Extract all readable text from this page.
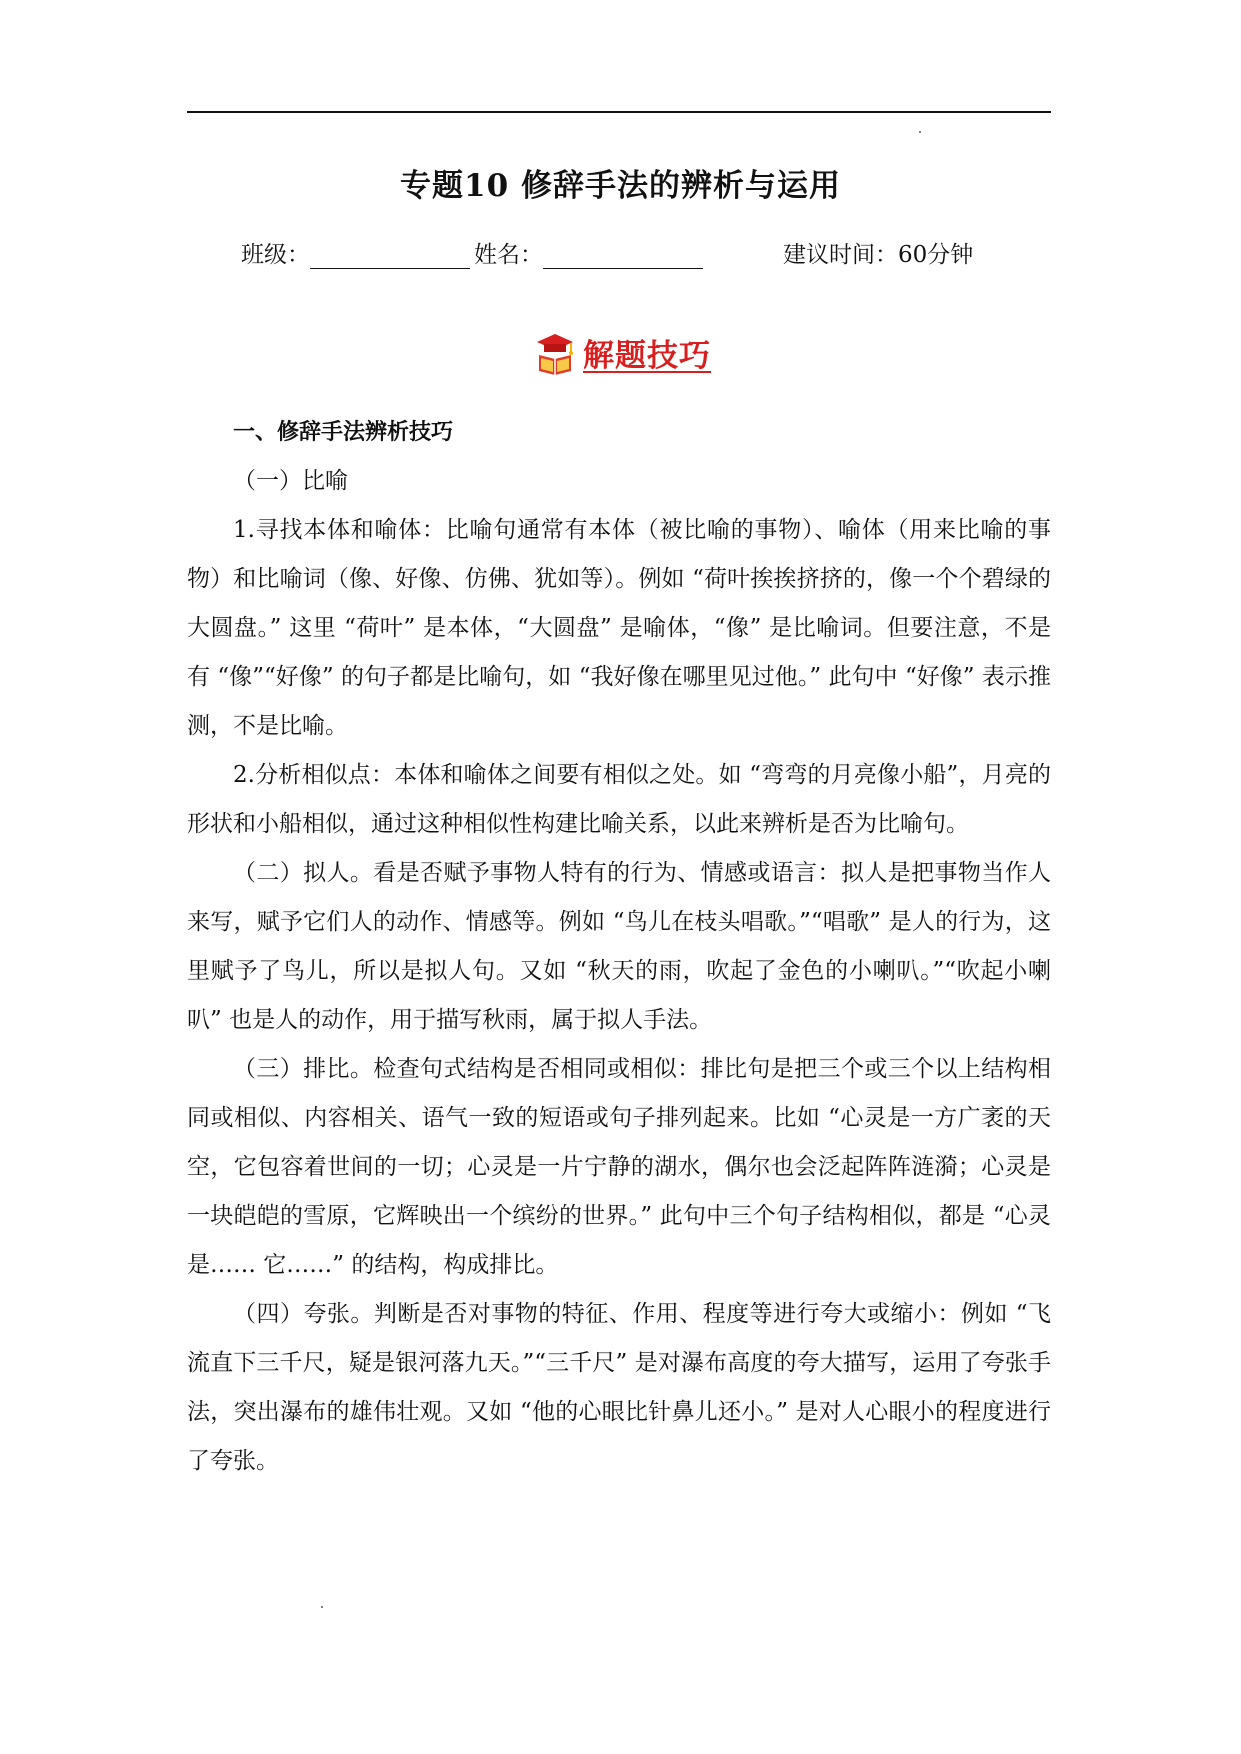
专题10 修辞手法的辨析与运用
班级：	姓名：	建议时间：60分钟
解题技巧

一、修辞手法辨析技巧

（一）比喻

1.寻找本体和喻体：比喻句通常有本体（被比喻的事物）、喻体（用来比喻的事物）和比喻词（像、好像、仿佛、犹如等）。例如 “荷叶挨挨挤挤的，像一个个碧绿的大圆盘。” 这里 “荷叶” 是本体，“大圆盘” 是喻体，“像” 是比喻词。但要注意，不是有 “像”“好像” 的句子都是比喻句，如 “我好像在哪里见过他。” 此句中 “好像” 表示推测，不是比喻。

2.分析相似点：本体和喻体之间要有相似之处。如 “弯弯的月亮像小船”，月亮的形状和小船相似，通过这种相似性构建比喻关系，以此来辨析是否为比喻句。

（二）拟人。看是否赋予事物人特有的行为、情感或语言：拟人是把事物当作人来写，赋予它们人的动作、情感等。例如 “鸟儿在枝头唱歌。”“唱歌” 是人的行为，这里赋予了鸟儿，所以是拟人句。又如 “秋天的雨，吹起了金色的小喇叭。”“吹起小喇叭” 也是人的动作，用于描写秋雨，属于拟人手法。

（三）排比。检查句式结构是否相同或相似：排比句是把三个或三个以上结构相同或相似、内容相关、语气一致的短语或句子排列起来。比如 “心灵是一方广袤的天空，它包容着世间的一切；心灵是一片宁静的湖水，偶尔也会泛起阵阵涟漪；心灵是一块皑皑的雪原，它辉映出一个缤纷的世界。” 此句中三个句子结构相似，都是 “心灵是…… 它……” 的结构，构成排比。

（四）夸张。判断是否对事物的特征、作用、程度等进行夸大或缩小：例如 “飞流直下三千尺，疑是银河落九天。”“三千尺” 是对瀑布高度的夸大描写，运用了夸张手法，突出瀑布的雄伟壮观。又如 “他的心眼比针鼻儿还小。” 是对人心眼小的程度进行了夸张。
